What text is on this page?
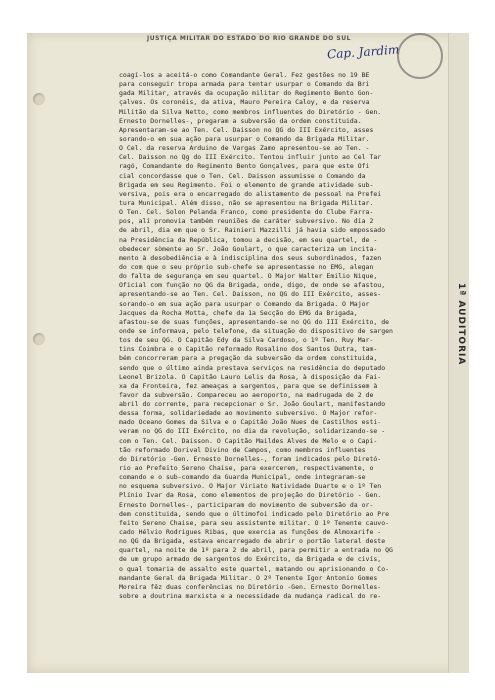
1ª AUDITORIA
JUSTIÇA MILITAR DO ESTADO DO RIO GRANDE DO SUL
Cap. Jardim
coagí-los a aceitá-o como Comandante Geral. Fez gestões no 19 BE
para conseguir tropa armada para tentar usurpar o Comando da Bri
gada Militar, através da ocupação militar do Regimento Bento Gon-
çalves. Os coronéis, da ativa, Mauro Pereira Caloy, e da reserva
Militão da Silva Netto, como membros influentes do Diretório - Gen.
Ernesto Dornelles-, pregaram a subversão da ordem constituida.
Apresentaram-se ao Ten. Cel. Daisson no QG do III Exército, asses
sorando-o em sua ação para usurpar o Comando da Brigada Militar.
O Cel. da reserva Arduino de Vargas Zamo apresentou-se ao Ten. -
Cel. Daisson no Qg do III Exército. Tentou influir junto ao Cel Tar
ragó, Comandante do Regimento Bento Gonçalves, para que este Ofi
cial concordasse que o Ten. Cel. Daisson assumisse o Comando da
Brigada em seu Regimento. Foi o elemento de grande atividade sub-
versiva, pois era o encarregado do alistamento de pessoal na Prefei
tura Municipal. Além disso, não se apresentou na Brigada Militar.
O Ten. Cel. Solon Pelanda Franco, como presidente do Clube Farra-
pos, alí promovia também reuniões de caráter subversivo. No dia 2
de abril, dia em que o Sr. Rainieri Mazzilli já havia sido empossado
na Presidência da República, tomou a decisão, em seu quartel, de -
obedecer sòmente ao Sr. João Goulart, o que caracteriza um incita-
mento à desobediência e à indisciplina dos seus subordinados, fazen
do com que o seu próprio sub-chefe se apresentasse no EMG, alegan
do falta de segurança em seu quartel. O Major Walter Emilio Nique,
Oficial com função no QG da Brigada, onde, digo, de onde se afastou,
apresentando-se ao Ten. Cel. Daisson, no QG do III Exército, asses-
sorando-o em sua ação para usurpar o Comando da Brigada. O Major
Jacques da Rocha Motta, chefe da 1a Secção do EMG da Brigada,
afastou-se de suas funções, apresentando-se no QG do III Exército, de
onde se informava, pelo telefone, da situação do dispositivo de sargen
tos de seu QG. O Capitão Edy da Silva Cardoso, o 1º Ten. Ruy Mar-
tins Coimbra e o Capitão reformado Rosalino dos Santos Dutra, tam-
bém concorreram para a pregação da subversão da ordem constituida,
sendo que o último ainda prestava serviços na residência do deputado
Leonel Brizola. O Capitão Lauro Lelis da Rosa, à disposição da Fai-
xa da Fronteira, fez ameaças a sargentos, para que se definissem à
favor da subversão. Compareceu ao aeroporto, na madrugada de 2 de
abril do corrente, para recepcionar o Sr. João Goulart, manifestando
dessa forma, solidariedade ao movimento subversivo. O Major refor-
mado Oceano Gomes da Silva e o Capitão João Nues de Castilhos esti-
veram no QG do III Exército, no dia da revolução, solidarizando-se -
com o Ten. Cel. Daisson. O Capitão Maildes Alves de Melo e o Capi-
tão reformado Dorival Divino de Campos, como membros influentes
do Diretório -Gen. Ernesto Dornelles-, foram indicados pelo Diretó-
rio ao Prefeito Sereno Chaise, para exercerem, respectivamente, o
comando e o sub-comando da Guarda Municipal, onde integraram-se
no esquema subversivo. O Major Viriato Natividade Duarte e o 1º Ten
Plínio Ivar da Rosa, como elementos de projeção do Diretório - Gen.
Ernesto Dornelles-, participaram do movimento de subversão da or-
dem constituida, sendo que o últimofoi indicado pelo Diretório ao Pre
feito Sereno Chaise, para seu assistente militar. O 1º Tenente cauvo-
cado Hélvio Rodrigues Ribas, que exercia as funções de Almoxarife -
no QG da Brigada, estava encarregado de abrir o portão lateral deste
quartel, na noite de 1º para 2 de abril, para permitir a entrada no QG
de um grupo armado de sargentos do Exército, da Brigada e de civís,
o qual tomaria de assalto este quartel, matando ou aprisionando o Co-
mandante Geral da Brigada Militar. O 2º Tenente Igor Antonio Gomes
Moreira fêz duas conferências no Diretório -Gen. Ernesto Dornelles-
sobre a doutrina marxista e a necessidade da mudança radical do re-
